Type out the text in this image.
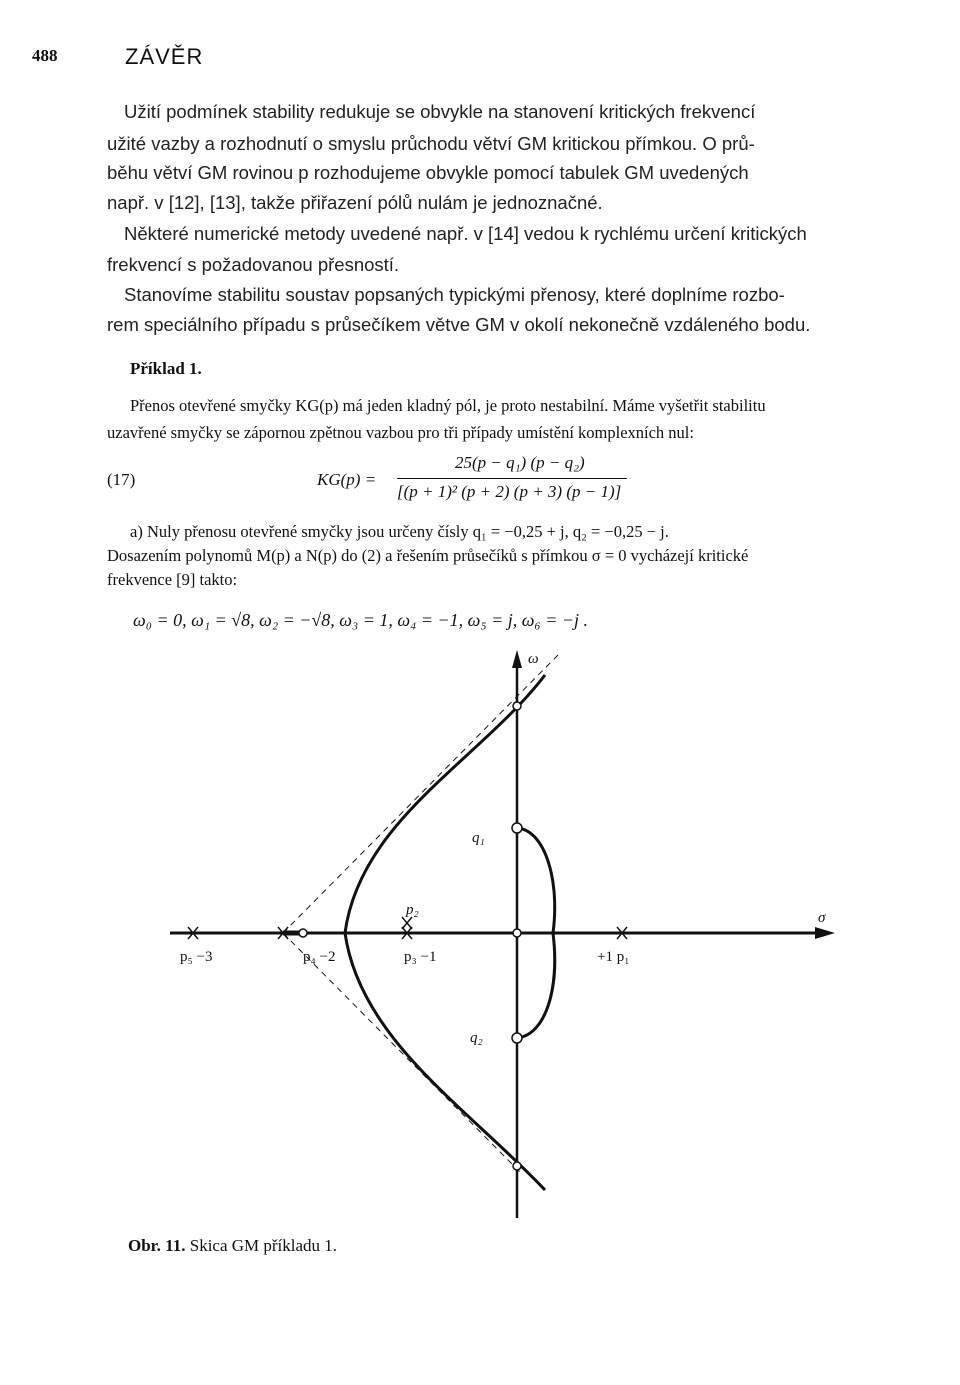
488	ZÁVĚR
Užití podmínek stability redukuje se obvykle na stanovení kritických frekvencí
užité vazby a rozhodnutí o smyslu průchodu větví GM kritickou přímkou. O prů-
běhu větví GM rovinou p rozhodujeme obvykle pomocí tabulek GM uvedených
např. v [12], [13], takže přiřazení pólů nulám je jednoznačné.
Některé numerické metody uvedené např. v [14] vedou k rychlému určení kritických
frekvencí s požadovanou přesností.
Stanovíme stabilitu soustav popsaných typickými přenosy, které doplníme rozbo-
rem speciálního případu s průsečíkem větve GM v okolí nekonečně vzdáleného bodu.
Příklad 1.
Přenos otevřené smyčky KG(p) má jeden kladný pól, je proto nestabilní. Máme vyšetřit stabilitu
uzavřené smyčky se zápornou zpětnou vazbou pro tři případy umístění komplexních nul:
(17)	KG(p) =
25(p − q₁) (p − q₂)
[(p + 1)² (p + 2) (p + 3) (p − 1)]
a) Nuly přenosu otevřené smyčky jsou určeny čísly q₁ = −0,25 + j, q₂ = −0,25 − j.
Dosazením polynomů M(p) a N(p) do (2) a řešením průsečíků s přímkou σ = 0 vycházejí kritické
frekvence [9] takto:
ω₀ = 0, ω₁ = √8, ω₂ = −√8, ω₃ = 1, ω₄ = −1, ω₅ = j, ω₆ = −j .
ω
σ
q₁
q₂
p₂
+1 p₁
p₃ −1
p₄ −2
p₅ −3
Obr. 11. Skica GM příkladu 1.
